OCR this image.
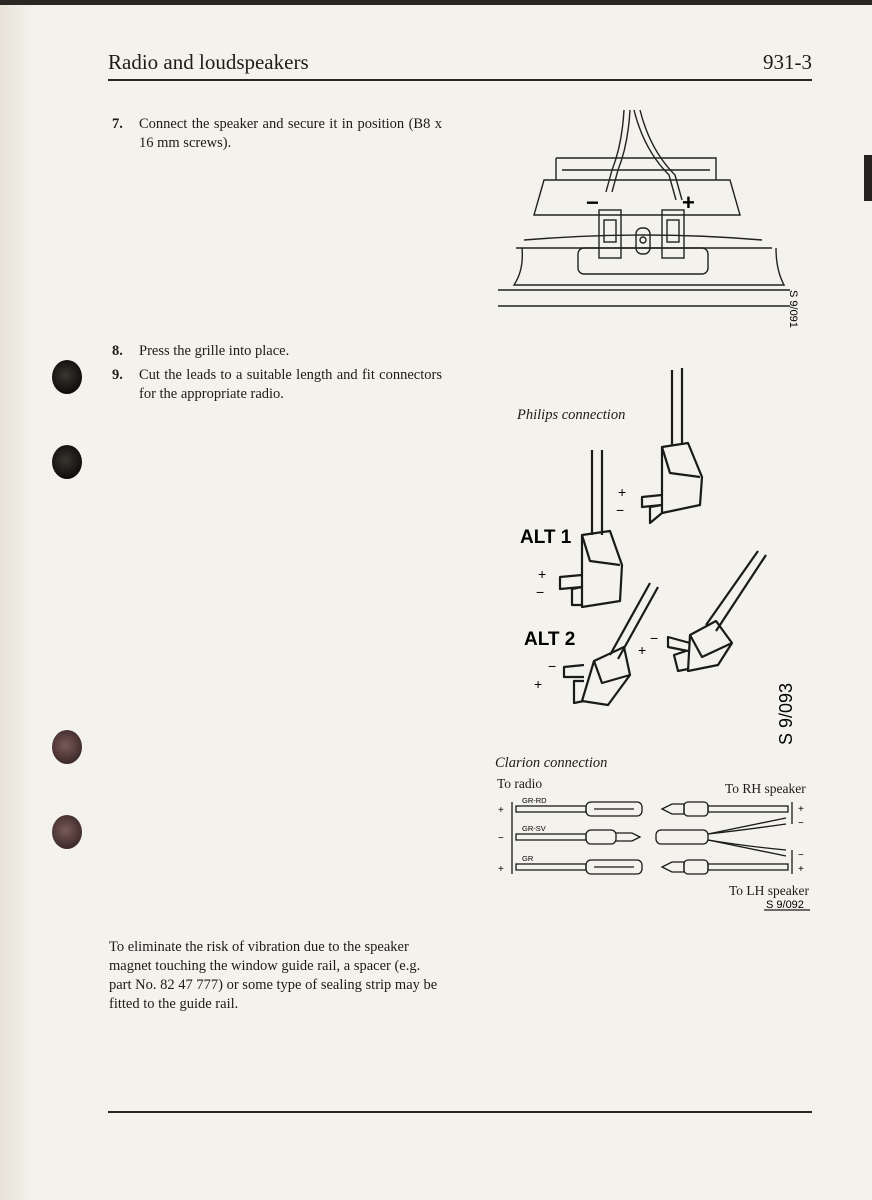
Radio and loudspeakers	931-3
7. Connect the speaker and secure it in position (B8 x 16 mm screws).
8. Press the grille into place.
9. Cut the leads to a suitable length and fit connectors for the appropriate radio.
To eliminate the risk of vibration due to the speaker magnet touching the window guide rail, a spacer (e.g. part No. 82 47 777) or some type of sealing strip may be fitted to the guide rail.
−	+
S 9/091
Philips connection
+
−
ALT 1
+
−
ALT 2
−
+
−
+
S 9/093
Clarion connection
To radio	To RH speaker
To LH speaker
GR-RD
GR-SV
GR
+
−
+
+
−
−
+
S 9/092
